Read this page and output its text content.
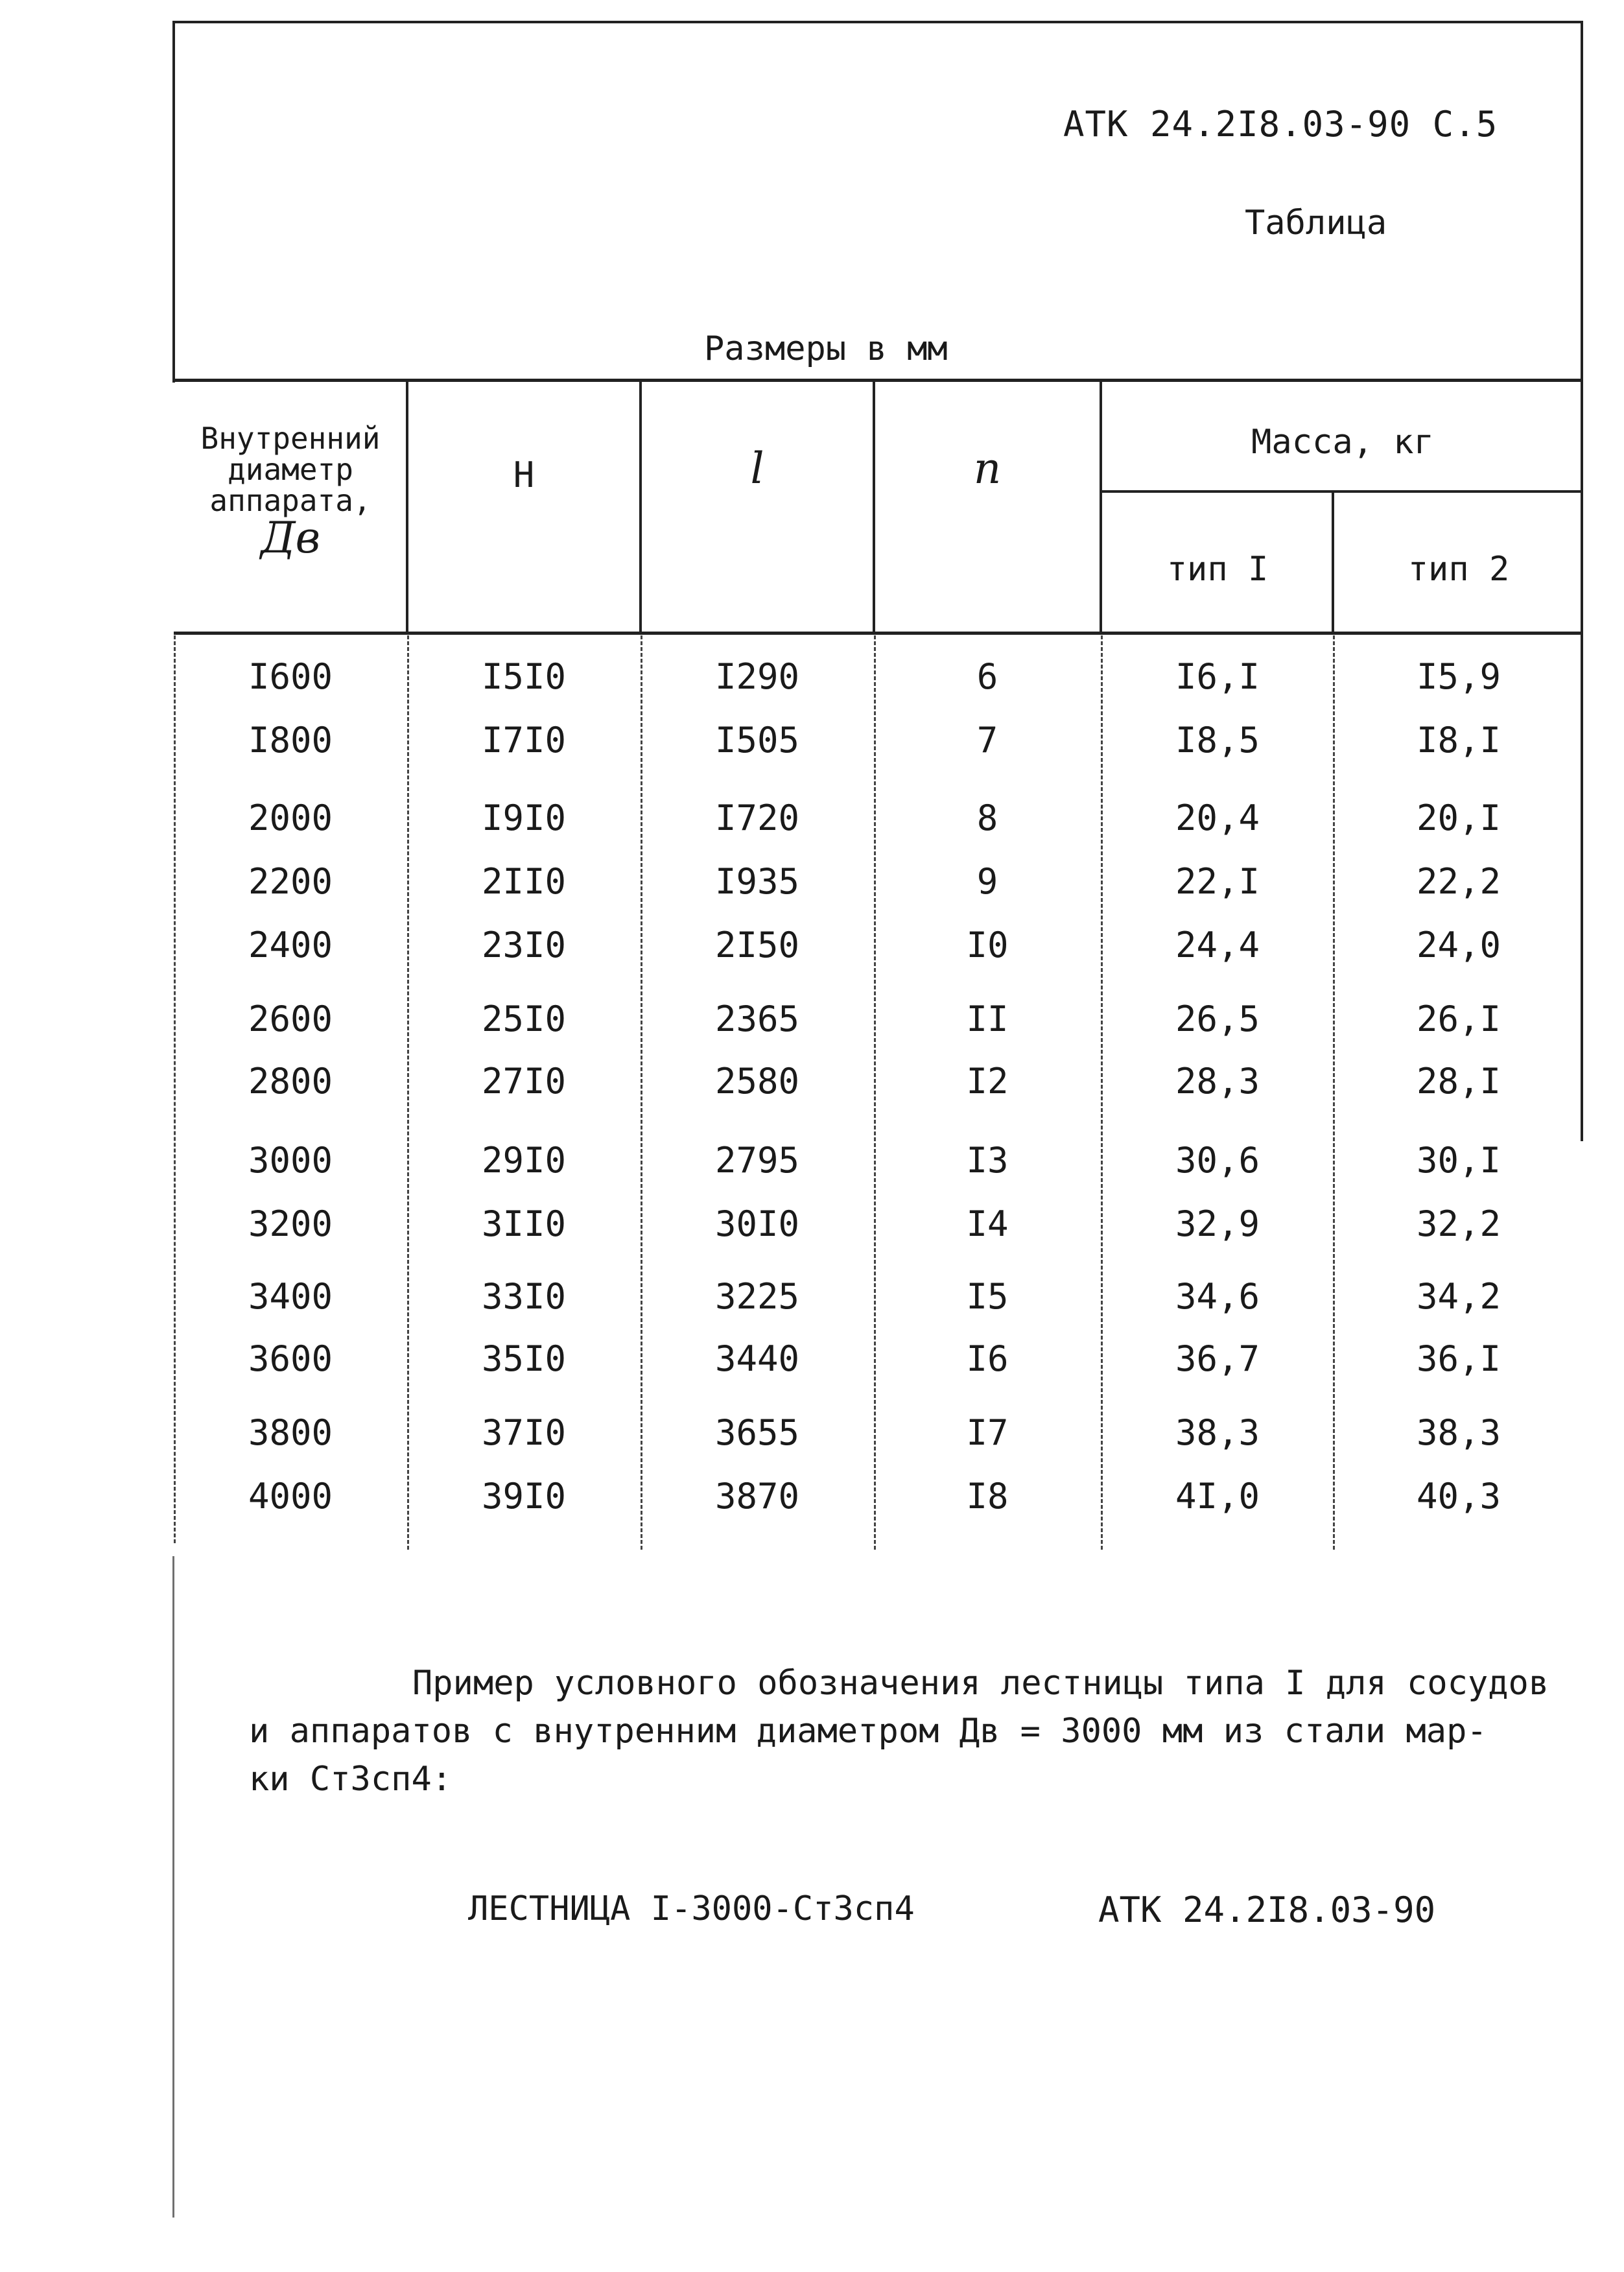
АТК 24.2I8.03-90 С.5
Таблица
Размеры в мм
Внутренний
диаметр
аппарата,
Дв
Н	l	n
Масса, кг
тип I	тип 2
I600	I5I0	I290	6	I6,I	I5,9
I800	I7I0	I505	7	I8,5	I8,I
2000	I9I0	I720	8	20,4	20,I
2200	2II0	I935	9	22,I	22,2
2400	23I0	2I50	I0	24,4	24,0
2600	25I0	2365	II	26,5	26,I
2800	27I0	2580	I2	28,3	28,I
3000	29I0	2795	I3	30,6	30,I
3200	3II0	30I0	I4	32,9	32,2
3400	33I0	3225	I5	34,6	34,2
3600	35I0	3440	I6	36,7	36,I
3800	37I0	3655	I7	38,3	38,3
4000	39I0	3870	I8	4I,0	40,3
Пример условного обозначения лестницы типа I для сосудов
и аппаратов с внутренним диаметром Дв = 3000 мм из стали мар-
ки Ст3сп4:
ЛЕСТНИЦА I-3000-Ст3сп4	АТК 24.2I8.03-90
